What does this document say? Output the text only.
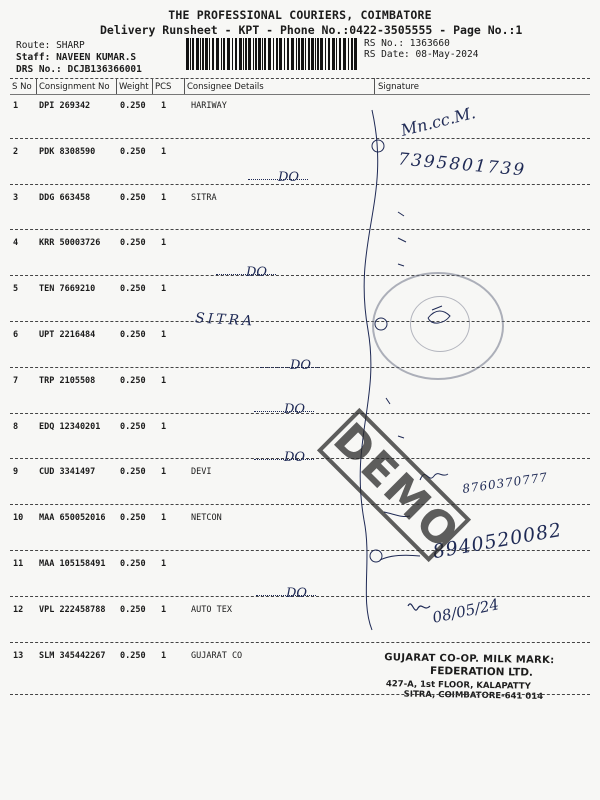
THE PROFESSIONAL COURIERS, COIMBATORE
Delivery Runsheet - KPT - Phone No.:0422-3505555 - Page No.:1
Route: SHARP
Staff: NAVEEN KUMAR.S
DRS No.: DCJB136366001
RS No.: 1363660
RS Date: 08-May-2024
S No Consignment No Weight PCS Consignee Details	Signature
1 DPI 269342	0.250 1	HARIWAY
2 PDK 8308590	0.250 1
3 DDG 663458	0.250 1	SITRA
4 KRR 50003726 0.250 1
5 TEN 7669210	0.250 1
6 UPT 2216484	0.250 1
7 TRP 2105508	0.250 1
8 EDQ 12340201 0.250 1
9 CUD 3341497	0.250 1	DEVI
10 MAA 650052016 0.250 1	NETCON
11 MAA 105158491 0.250 1
12 VPL 222458788 0.250 1	AUTO TEX
13 SLM 345442267 0.250 1	GUJARAT CO
Mn.cc.M.
7395801739
SITRA
8760370777
8940520082
08/05/24
DO
DO
DO
DO
DO
DO
DEMO
GUJARAT CO-OP. MILK MARK:
FEDERATION LTD.
427-A, 1st FLOOR, KALAPATTY
SITRA, COIMBATORE-641 014
